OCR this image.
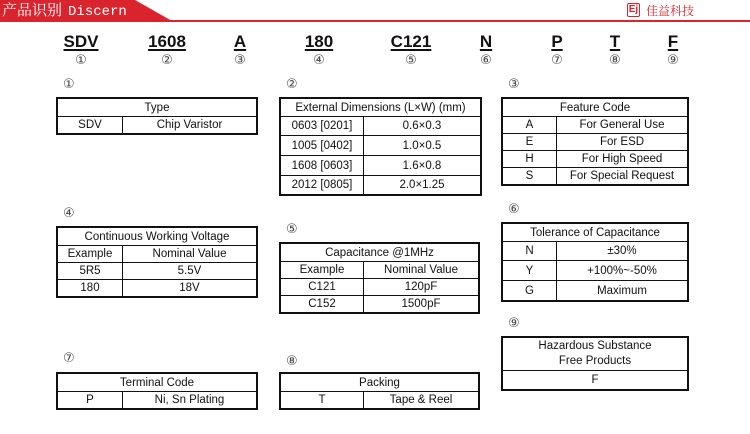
产品识别 Discern	Ej 佳益科技
SDV
①
1608
②
A
③
180
④
C121
⑤
N
⑥
P
⑦
T
⑧
F
⑨
①
Type
SDV	Chip Varistor
②
External Dimensions (L×W) (mm)	
0603 [0201]	0.6×0.3
1005 [0402]	1.0×0.5
1608 [0603]	1.6×0.8
2012 [0805]	2.0×1.25
③
Feature Code	
A	For General Use
E	For ESD
H	For High Speed
S	For Special Request
④
Continuous Working Voltage	
Example	Nominal Value
5R5	5.5V
180	18V
⑤
Capacitance @1MHz	
Example	Nominal Value
C121	120pF
C152	1500pF
⑥
Tolerance of Capacitance	
N	±30%
Y	+100%~-50%
G	Maximum
⑨
Hazardous Substance
Free Products

F
⑦
Terminal Code
P	Ni, Sn Plating
⑧
Packing
T	Tape & Reel
